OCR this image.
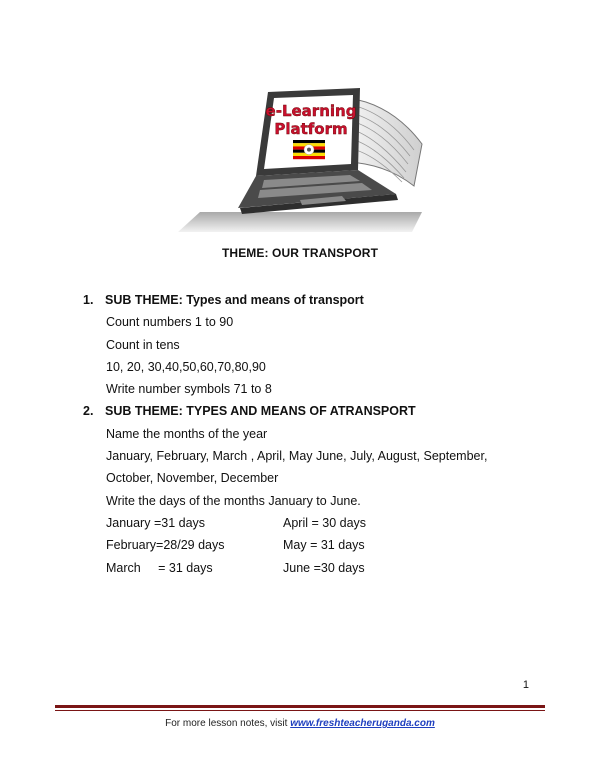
e-Learning
Platform
THEME: OUR TRANSPORT
1. SUB THEME: Types and means of transport
Count numbers 1 to 90
Count in tens
10, 20, 30,40,50,60,70,80,90
Write number symbols 71 to 8
2. SUB THEME: TYPES AND MEANS OF ATRANSPORT
Name the months of the year
January, February, March , April, May June, July, August, September,
October, November, December
Write the days of the months January to June.
January =31 days	April = 30 days
February=28/29 days	May = 31 days
March     = 31 days	June =30 days
1
For more lesson notes, visit www.freshteacheruganda.com
